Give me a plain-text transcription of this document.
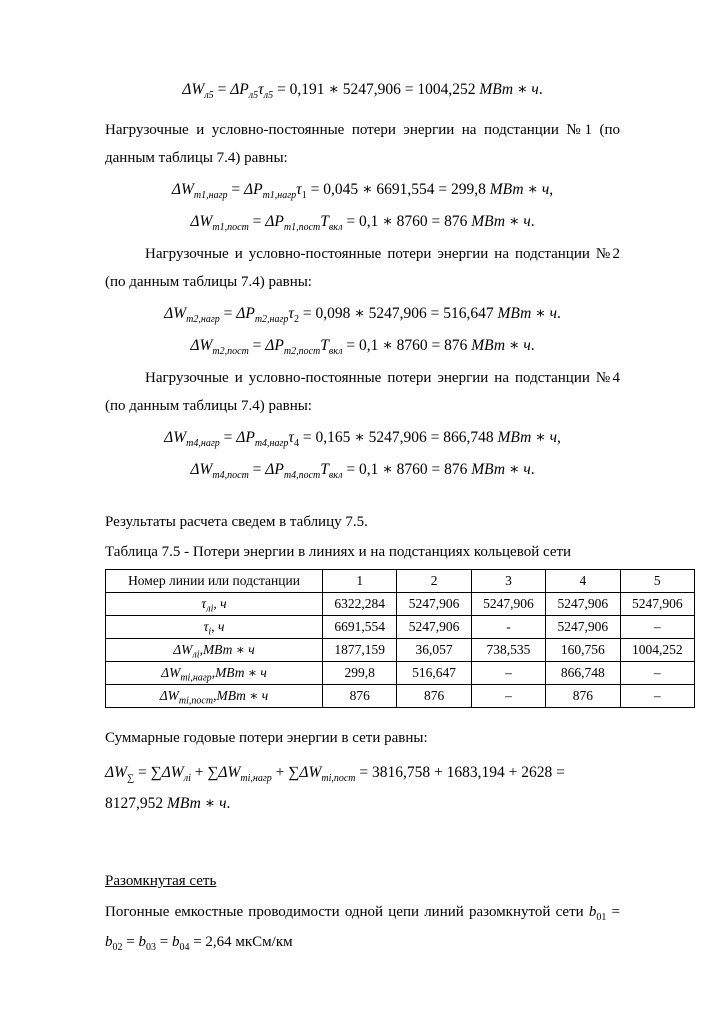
$\Delta W_{л5} = \Delta P_{л5}\tau_{л5} = 0,191$ ∗ 5247,906 = 1004,252 МВт ∗ ч.

Нагрузочные и условно-постоянные потери энергии на подстанции №1 (по данным таблицы 7.4) равны:

$\Delta W_{т1,нагр} = \Delta P_{т1,нагр}\tau_1 = 0,045$ ∗ 6691,554 = 299,8 МВт ∗ ч,
$\Delta W_{т1,пост} = \Delta P_{т1,пост}T_{вкл} = 0,1$ ∗ 8760 = 876 МВт ∗ ч.

Нагрузочные и условно-постоянные потери энергии на подстанции №2 (по данным таблицы 7.4) равны:

$\Delta W_{т2,нагр} = \Delta P_{т2,нагр}\tau_2 = 0,098$ ∗ 5247,906 = 516,647 МВт ∗ ч.
$\Delta W_{т2,пост} = \Delta P_{т2,пост}T_{вкл} = 0,1$ ∗ 8760 = 876 МВт ∗ ч.

Нагрузочные и условно-постоянные потери энергии на подстанции №4 (по данным таблицы 7.4) равны:

$\Delta W_{т4,нагр} = \Delta P_{т4,нагр}\tau_4 = 0,165$ ∗ 5247,906 = 866,748 МВт ∗ ч,
$\Delta W_{т4,пост} = \Delta P_{т4,пост}T_{вкл} = 0,1$ ∗ 8760 = 876 МВт ∗ ч.

Результаты расчета сведем в таблицу 7.5.

Таблица 7.5 - Потери энергии в линиях и на подстанциях кольцевой сети

Номер линии или подстанции	1	2	3	4	5
$\tau_{лi}$, ч	6322,284	5247,906	5247,906	5247,906	5247,906
$\tau_i$, ч	6691,554	5247,906	-	5247,906	–
$\Delta W_{лi},МВт$ ∗ ч	1877,159	36,057	738,535	160,756	1004,252
$\Delta W_{тi,нагр},МВт$ ∗ ч	299,8	516,647	–	866,748	–
$\Delta W_{тi,пост},МВт$ ∗ ч	876	876	–	876	–

Суммарные годовые потери энергии в сети равны:

$\Delta W_\sum = \sum\Delta W_{лi} + \sum\Delta W_{тi,нагр} + \sum\Delta W_{тi,пост} = 3816,758 + 1683,194 + 2628 = 8127,952$ МВт ∗ ч.

Разомкнутая сеть

Погонные емкостные проводимости одной цепи линий разомкнутой сети $b_{01} = b_{02} = b_{03} = b_{04} = 2,64$ мкСм/км
